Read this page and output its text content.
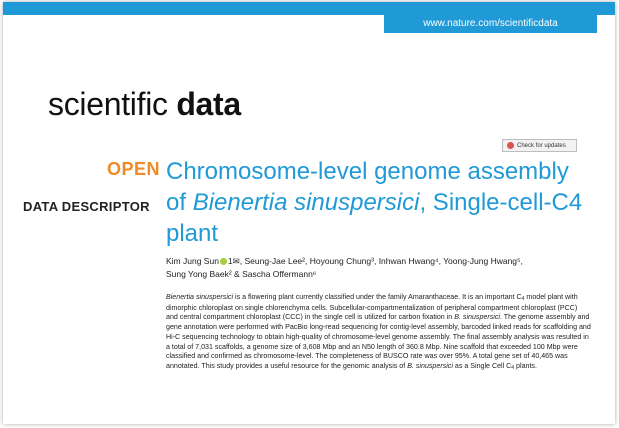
www.nature.com/scientificdata
scientific data
Check for updates
OPEN
DATA DESCRIPTOR
Chromosome-level genome assembly of Bienertia sinuspersici, Single-cell-C4 plant
Kim Jung Sun 1✉, Seung-Jae Lee², Hoyoung Chung³, Inhwan Hwang⁴, Yoong-Jung Hwang⁵,
Sung Yong Baek² & Sascha Offermann⁶

Bienertia sinuspersici is a flowering plant currently classified under the family Amaranthaceae. It is an important $C_4$ model plant with dimorphic chloroplast on single chlorenchyma cells. Subcellular-compartmentalization of peripheral compartment chloroplast (PCC) and central compartment chloroplast (CCC) in the single cell is utilized for carbon fixation in B. sinuspersici. The genome assembly and gene annotation were performed with PacBio long-read sequencing for contig-level assembly, barcoded linked reads for scaffolding and Hi-C sequencing technology to obtain high-quality of chromosome-level genome assembly. The final assembly analysis was resulted in a total of 7,031 scaffolds, a genome size of 3,608 Mbp and an N50 length of 360.8 Mbp. Nine scaffold that exceeded 100 Mbp were classified and confirmed as chromosome-level. The completeness of BUSCO rate was over 95%. A total gene set of 40,465 was annotated. This study provides a useful resource for the genomic analysis of B. sinuspersici as a Single Cell $C_4$ plants.
